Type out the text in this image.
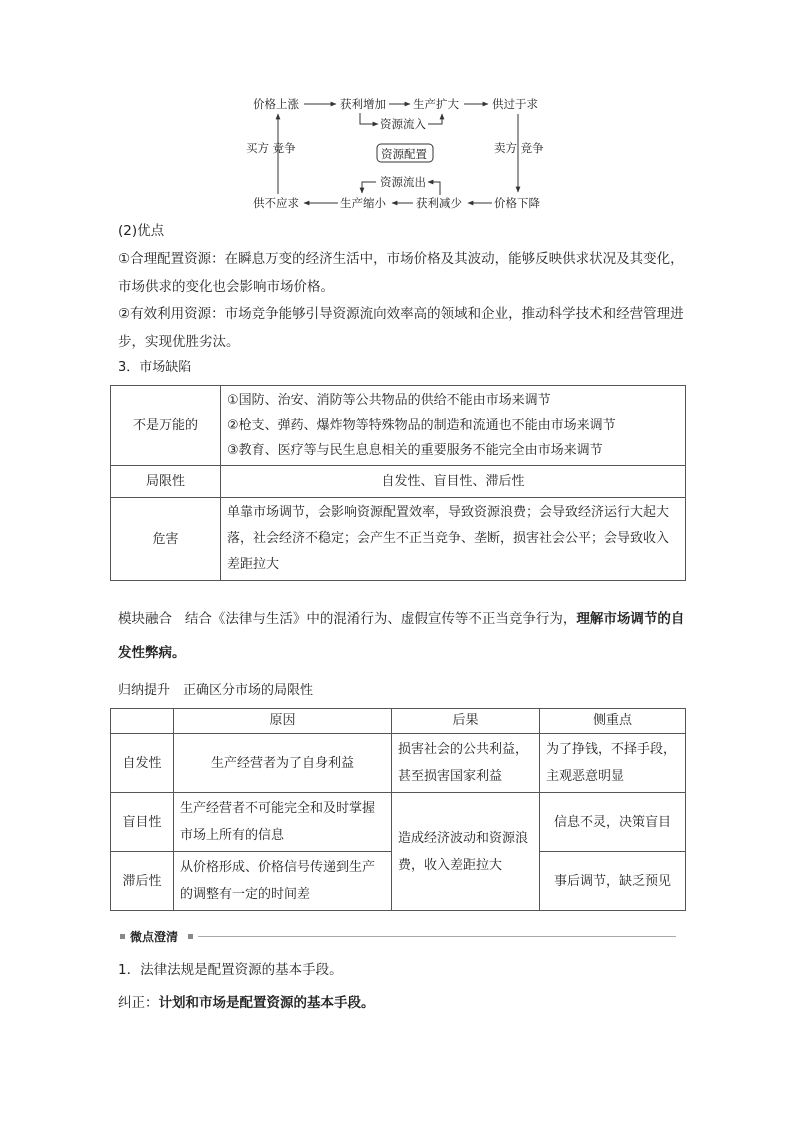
价格上涨	获利增加 生产扩大	供过于求
资源流入
资源配置
资源流出
供不应求	生产缩小	获利减少	价格下降
买方 竞争	卖方 竞争
(2)优点
①合理配置资源：在瞬息万变的经济生活中，市场价格及其波动，能够反映供求状况及其变化，市场供求的变化也会影响市场价格。
②有效利用资源：市场竞争能够引导资源流向效率高的领域和企业，推动科学技术和经营管理进步，实现优胜劣汰。
3．市场缺陷
不是万能的	①国防、治安、消防等公共物品的供给不能由市场来调节
②枪支、弹药、爆炸物等特殊物品的制造和流通也不能由市场来调节
③教育、医疗等与民生息息相关的重要服务不能完全由市场来调节

局限性	自发性、盲目性、滞后性
危害	单靠市场调节，会影响资源配置效率，导致资源浪费；会导致经济运行大起大落，社会经济不稳定；会产生不正当竞争、垄断，损害社会公平；会导致收入差距拉大
模块融合 结合《法律与生活》中的混淆行为、虚假宣传等不正当竞争行为，理解市场调节的自发性弊病。
归纳提升　正确区分市场的局限性
	原因	后果	侧重点
自发性	生产经营者为了自身利益	损害社会的公共利益，甚至损害国家利益	为了挣钱，不择手段，主观恶意明显
盲目性	生产经营者不可能完全和及时掌握市场上所有的信息	造成经济波动和资源浪费，收入差距拉大	信息不灵，决策盲目
滞后性	从价格形成、价格信号传递到生产的调整有一定的时间差		事后调节，缺乏预见
微点澄清
1．法律法规是配置资源的基本手段。
纠正：计划和市场是配置资源的基本手段。
